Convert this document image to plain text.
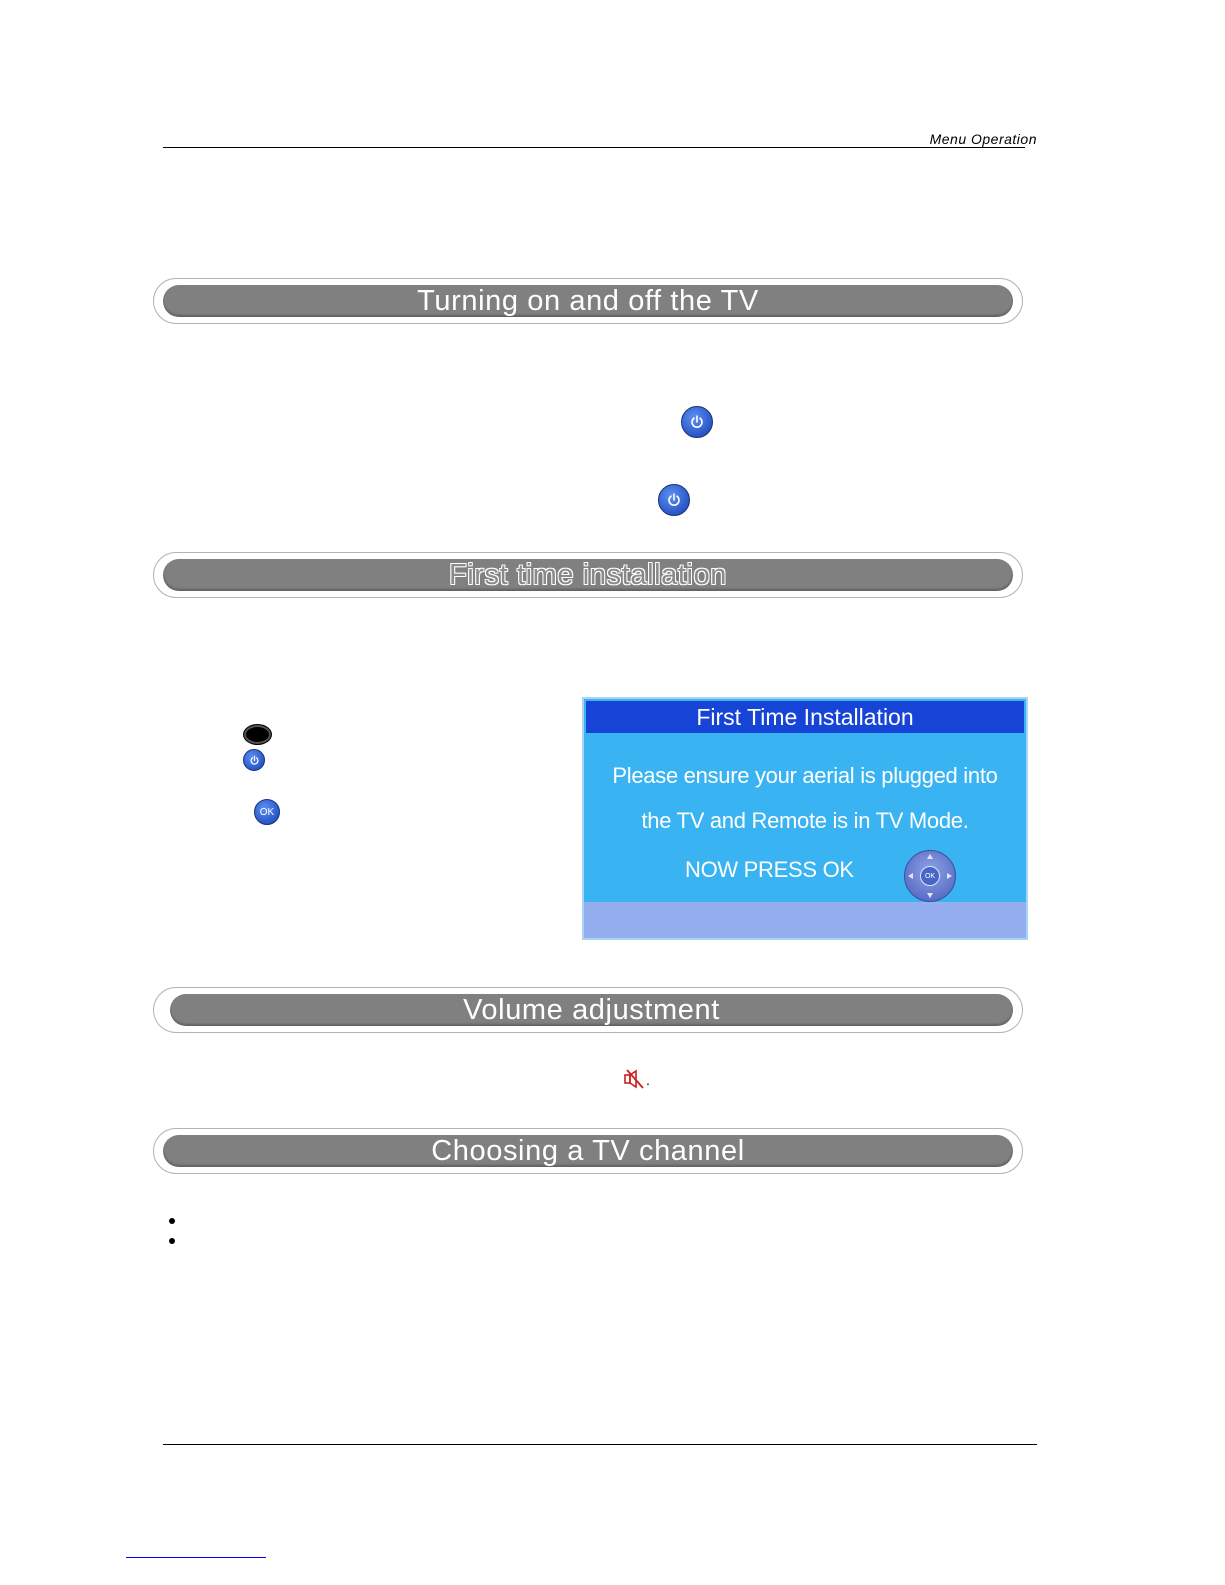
Menu Operation
Turning on and off the TV
First time installation
OK
First Time Installation
Please ensure your aerial is plugged into
the TV and Remote is in TV Mode.
NOW PRESS OK	OK
Volume adjustment
.
Choosing a TV channel
